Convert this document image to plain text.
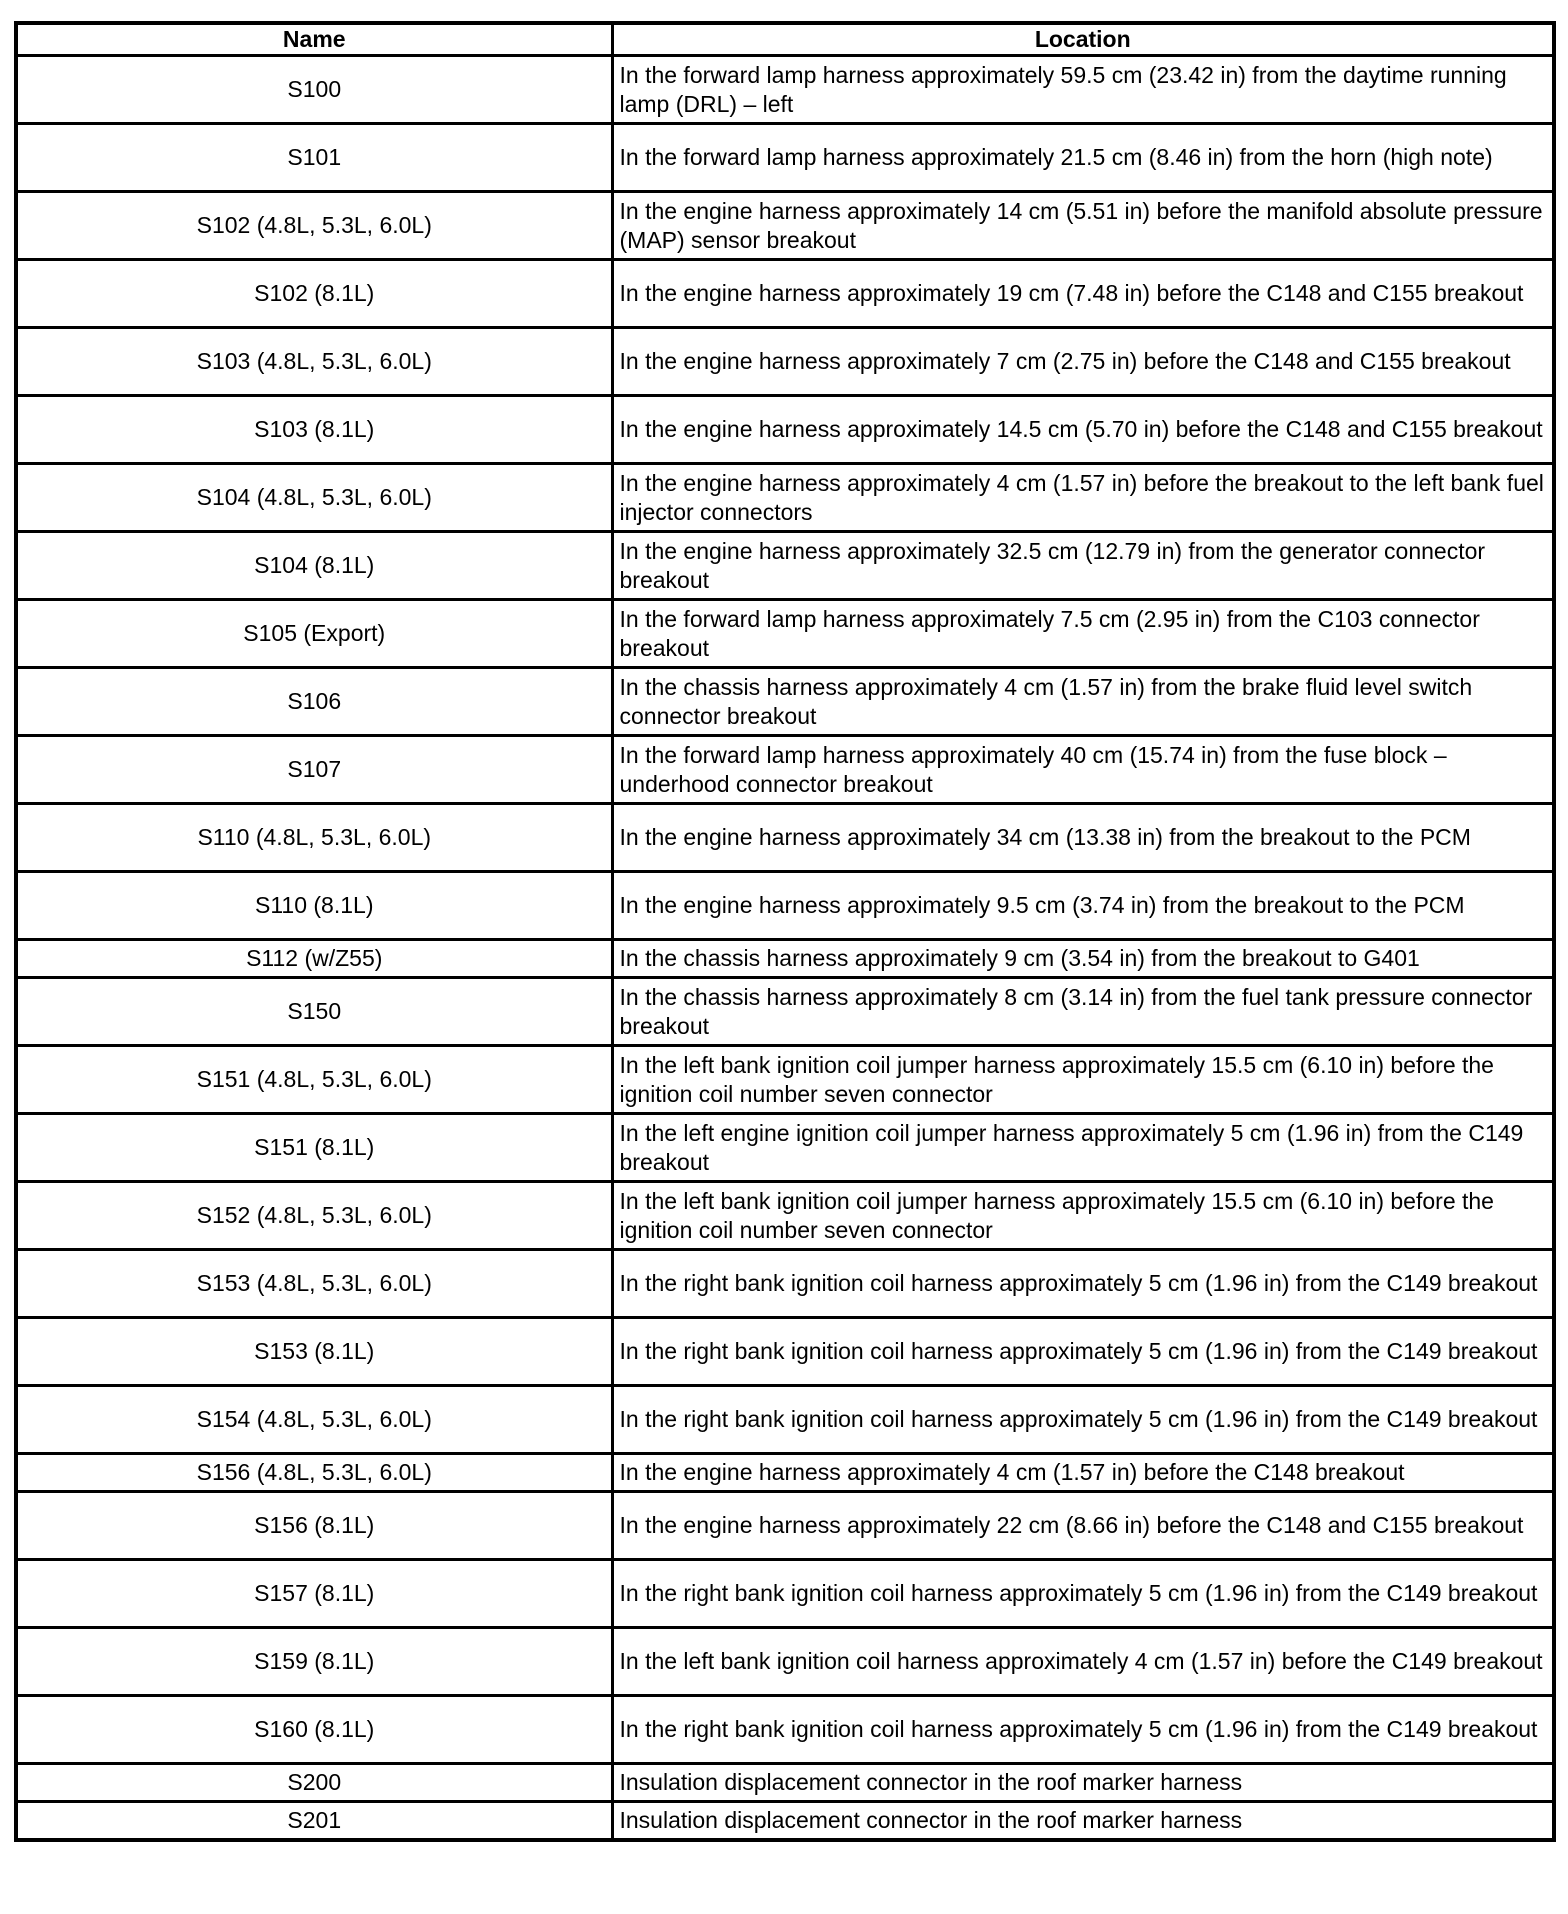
Name	Location
S100	In the forward lamp harness approximately 59.5 cm (23.42 in) from the daytime running lamp (DRL) – left
S101	In the forward lamp harness approximately 21.5 cm (8.46 in) from the horn (high note)
S102 (4.8L, 5.3L, 6.0L)	In the engine harness approximately 14 cm (5.51 in) before the manifold absolute pressure (MAP) sensor breakout
S102 (8.1L)	In the engine harness approximately 19 cm (7.48 in) before the C148 and C155 breakout
S103 (4.8L, 5.3L, 6.0L)	In the engine harness approximately 7 cm (2.75 in) before the C148 and C155 breakout
S103 (8.1L)	In the engine harness approximately 14.5 cm (5.70 in) before the C148 and C155 breakout
S104 (4.8L, 5.3L, 6.0L)	In the engine harness approximately 4 cm (1.57 in) before the breakout to the left bank fuel injector connectors
S104 (8.1L)	In the engine harness approximately 32.5 cm (12.79 in) from the generator connector breakout
S105 (Export)	In the forward lamp harness approximately 7.5 cm (2.95 in) from the C103 connector breakout
S106	In the chassis harness approximately 4 cm (1.57 in) from the brake fluid level switch connector breakout
S107	In the forward lamp harness approximately 40 cm (15.74 in) from the fuse block – underhood connector breakout
S110 (4.8L, 5.3L, 6.0L)	In the engine harness approximately 34 cm (13.38 in) from the breakout to the PCM
S110 (8.1L)	In the engine harness approximately 9.5 cm (3.74 in) from the breakout to the PCM
S112 (w/Z55)	In the chassis harness approximately 9 cm (3.54 in) from the breakout to G401
S150	In the chassis harness approximately 8 cm (3.14 in) from the fuel tank pressure connector breakout
S151 (4.8L, 5.3L, 6.0L)	In the left bank ignition coil jumper harness approximately 15.5 cm (6.10 in) before the ignition coil number seven connector
S151 (8.1L)	In the left engine ignition coil jumper harness approximately 5 cm (1.96 in) from the C149 breakout
S152 (4.8L, 5.3L, 6.0L)	In the left bank ignition coil jumper harness approximately 15.5 cm (6.10 in) before the ignition coil number seven connector
S153 (4.8L, 5.3L, 6.0L)	In the right bank ignition coil harness approximately 5 cm (1.96 in) from the C149 breakout
S153 (8.1L)	In the right bank ignition coil harness approximately 5 cm (1.96 in) from the C149 breakout
S154 (4.8L, 5.3L, 6.0L)	In the right bank ignition coil harness approximately 5 cm (1.96 in) from the C149 breakout
S156 (4.8L, 5.3L, 6.0L)	In the engine harness approximately 4 cm (1.57 in) before the C148 breakout
S156 (8.1L)	In the engine harness approximately 22 cm (8.66 in) before the C148 and C155 breakout
S157 (8.1L)	In the right bank ignition coil harness approximately 5 cm (1.96 in) from the C149 breakout
S159 (8.1L)	In the left bank ignition coil harness approximately 4 cm (1.57 in) before the C149 breakout
S160 (8.1L)	In the right bank ignition coil harness approximately 5 cm (1.96 in) from the C149 breakout
S200	Insulation displacement connector in the roof marker harness
S201	Insulation displacement connector in the roof marker harness
